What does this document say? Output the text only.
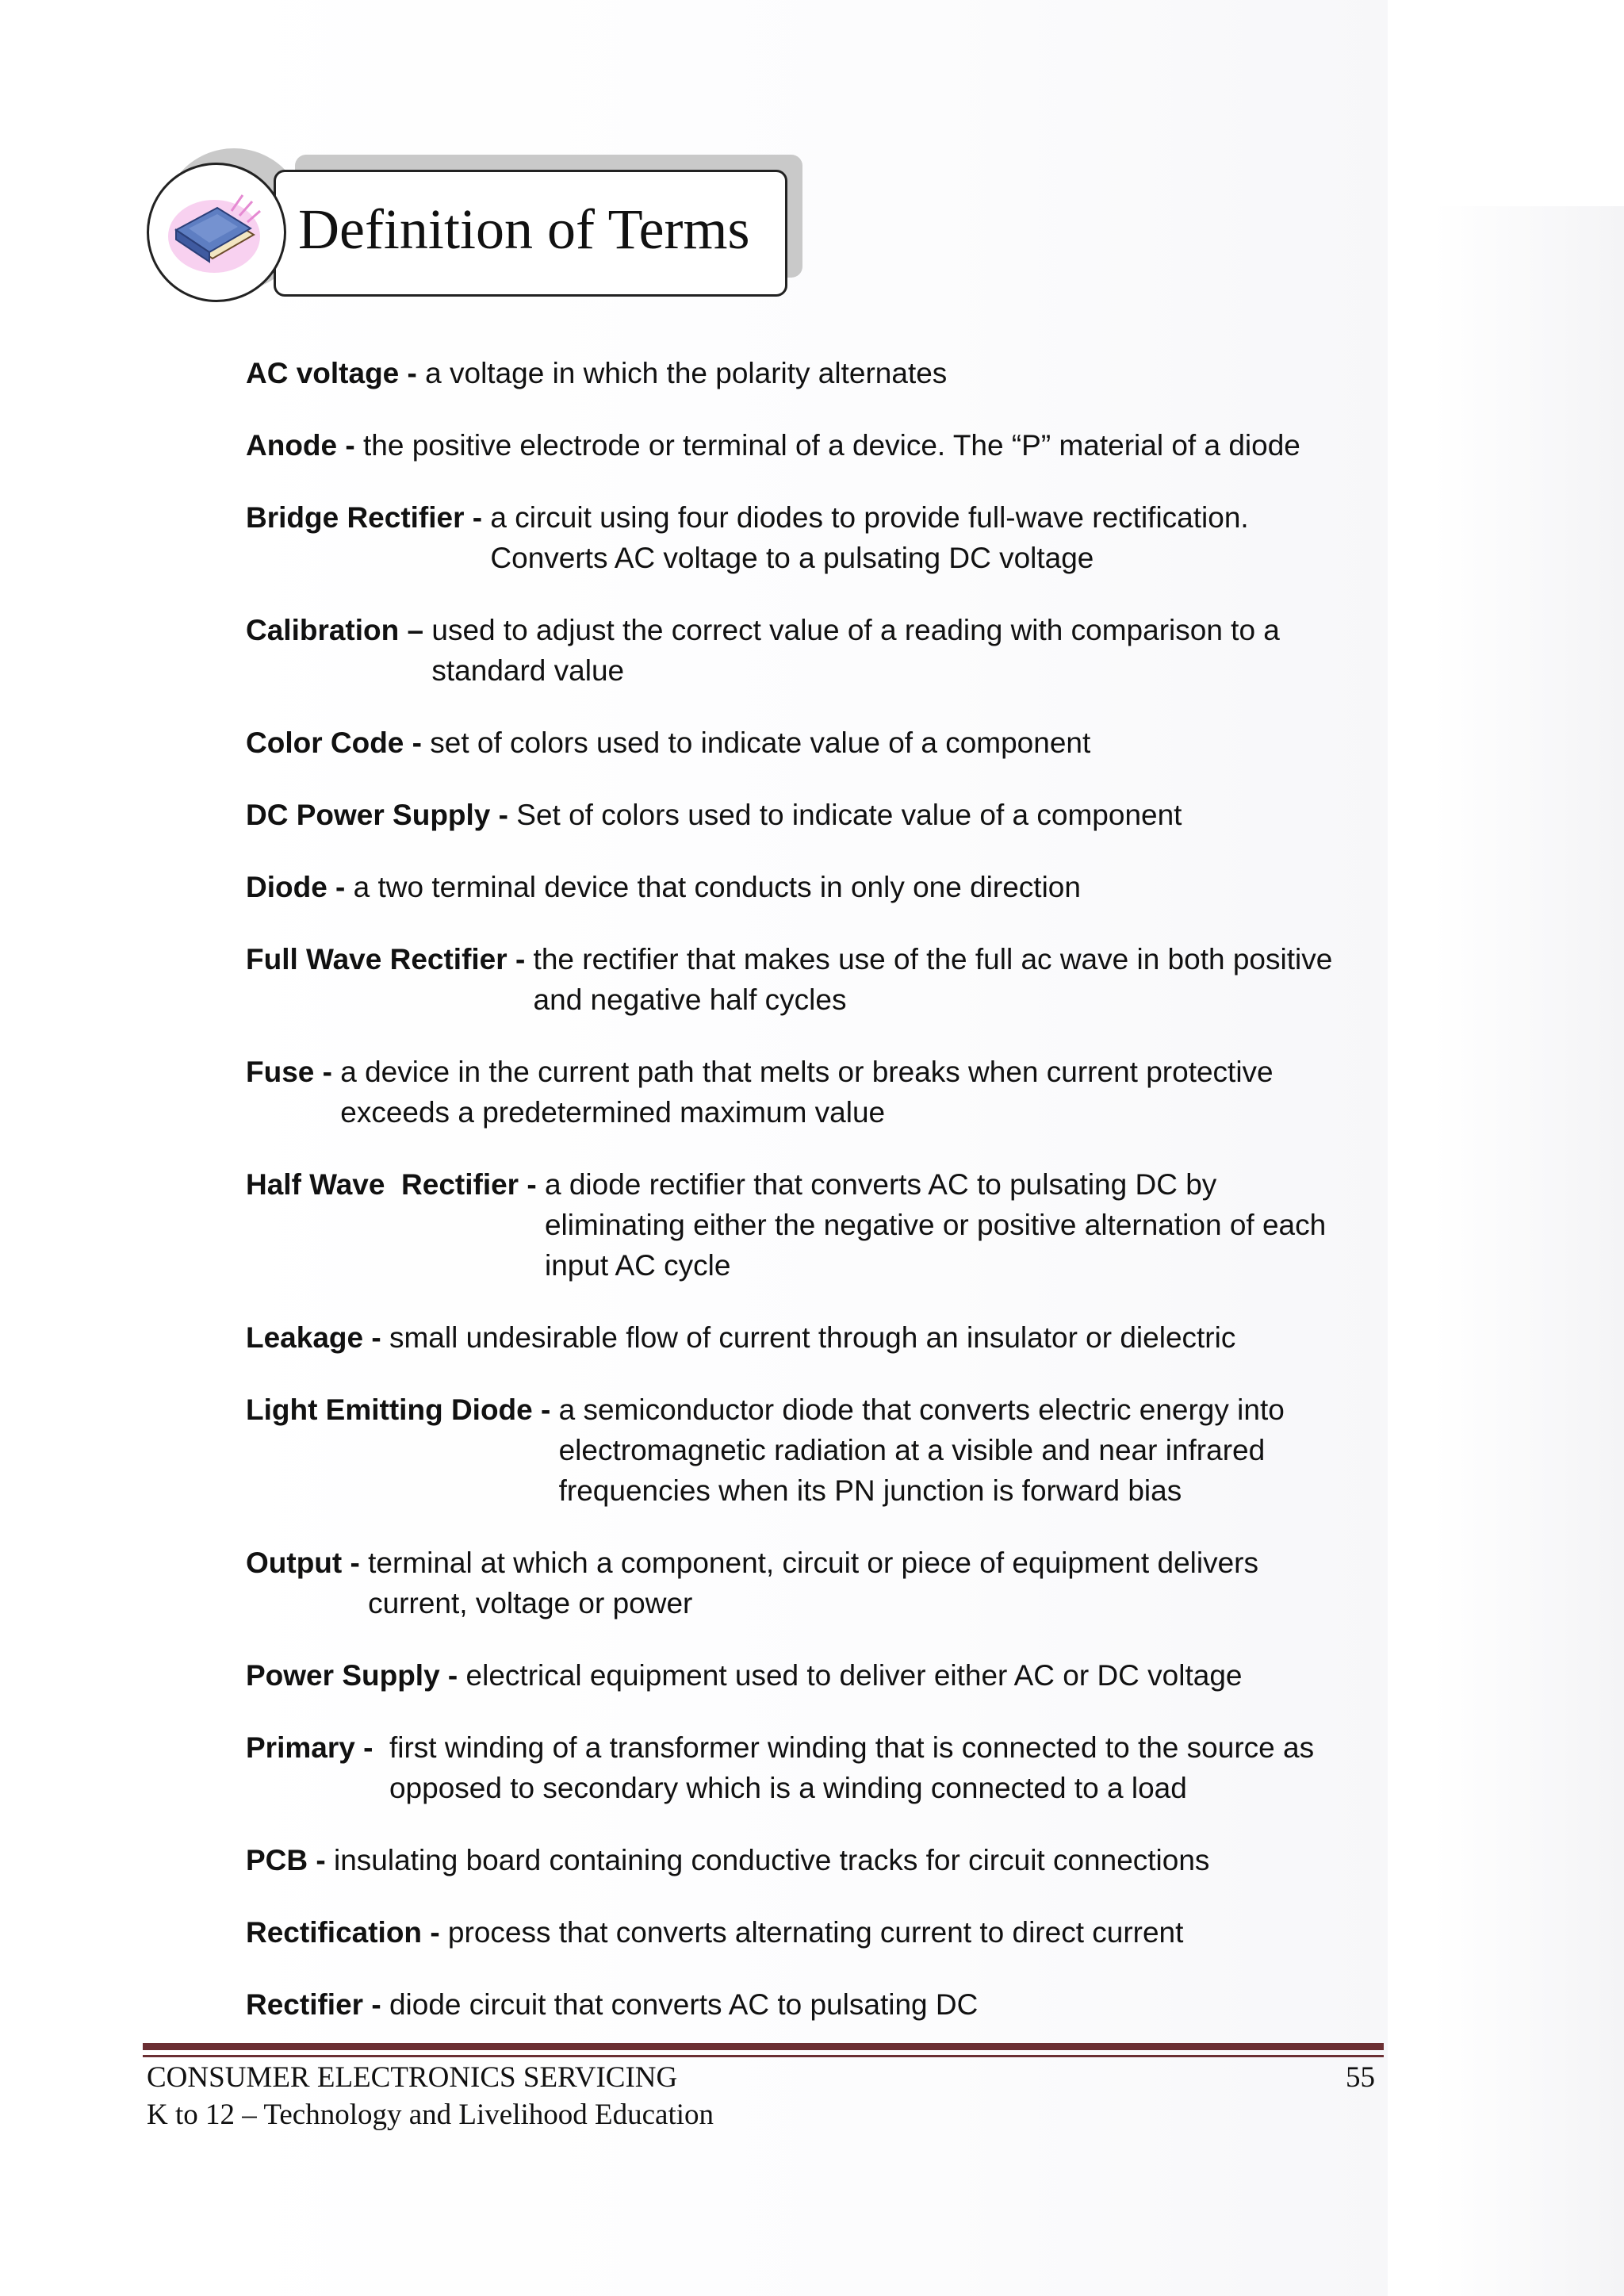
Definition of Terms
AC voltage - a voltage in which the polarity alternates
Anode - the positive electrode or terminal of a device. The “P” material of a diode
Bridge Rectifier - a circuit using four diodes to provide full-wave rectification.
Converts AC voltage to a pulsating DC voltage
Calibration – used to adjust the correct value of a reading with comparison to a
standard value
Color Code - set of colors used to indicate value of a component
DC Power Supply - Set of colors used to indicate value of a component
Diode - a two terminal device that conducts in only one direction
Full Wave Rectifier - the rectifier that makes use of the full ac wave in both positive
and negative half cycles
Fuse - a device in the current path that melts or breaks when current protective
exceeds a predetermined maximum value
Half Wave  Rectifier - a diode rectifier that converts AC to pulsating DC by
eliminating either the negative or positive alternation of each
input AC cycle
Leakage - small undesirable flow of current through an insulator or dielectric
Light Emitting Diode - a semiconductor diode that converts electric energy into
electromagnetic radiation at a visible and near infrared
frequencies when its PN junction is forward bias
Output - terminal at which a component, circuit or piece of equipment delivers
current, voltage or power
Power Supply - electrical equipment used to deliver either AC or DC voltage
Primary - first winding of a transformer winding that is connected to the source as
opposed to secondary which is a winding connected to a load
PCB - insulating board containing conductive tracks for circuit connections
Rectification - process that converts alternating current to direct current
Rectifier - diode circuit that converts AC to pulsating DC
CONSUMER ELECTRONICS SERVICING	55
K to 12 – Technology and Livelihood Education
